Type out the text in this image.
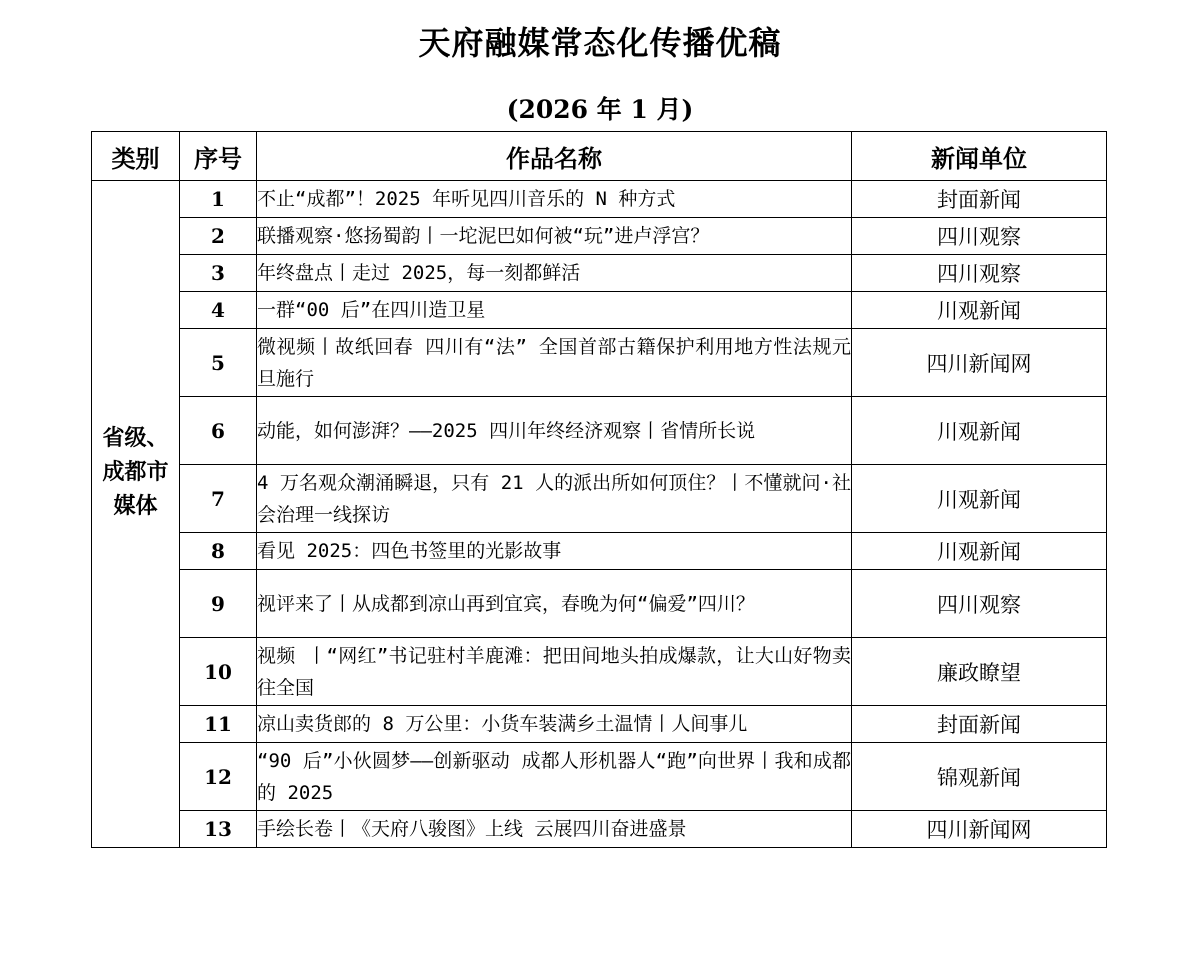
天府融媒常态化传播优稿
(2026 年 1 月)
类别	序号	作品名称	新闻单位

省级、成都市媒体	1	不止“成都”！2025 年听见四川音乐的 N 种方式	封面新闻
	2	联播观察·悠扬蜀韵丨一坨泥巴如何被“玩”进卢浮宫？	四川观察
	3	年终盘点丨走过 2025，每一刻都鲜活	四川观察
	4	一群“00 后”在四川造卫星	川观新闻
	5	微视频丨故纸回春 四川有“法” 全国首部古籍保护利用地方性法规元旦施行	四川新闻网
	6	动能，如何澎湃？——2025 四川年终经济观察丨省情所长说	川观新闻
	7	4 万名观众潮涌瞬退，只有 21 人的派出所如何顶住？丨不懂就问·社会治理一线探访	川观新闻
	8	看见 2025：四色书签里的光影故事	川观新闻
	9	视评来了丨从成都到凉山再到宜宾，春晚为何“偏爱”四川？	四川观察
	10	视频 丨“网红”书记驻村羊鹿滩：把田间地头拍成爆款，让大山好物卖往全国	廉政瞭望
	11	凉山卖货郎的 8 万公里：小货车装满乡土温情丨人间事儿	封面新闻
	12	“90 后”小伙圆梦——创新驱动 成都人形机器人“跑”向世界丨我和成都的 2025	锦观新闻
	13	手绘长卷丨《天府八骏图》上线 云展四川奋进盛景	四川新闻网
